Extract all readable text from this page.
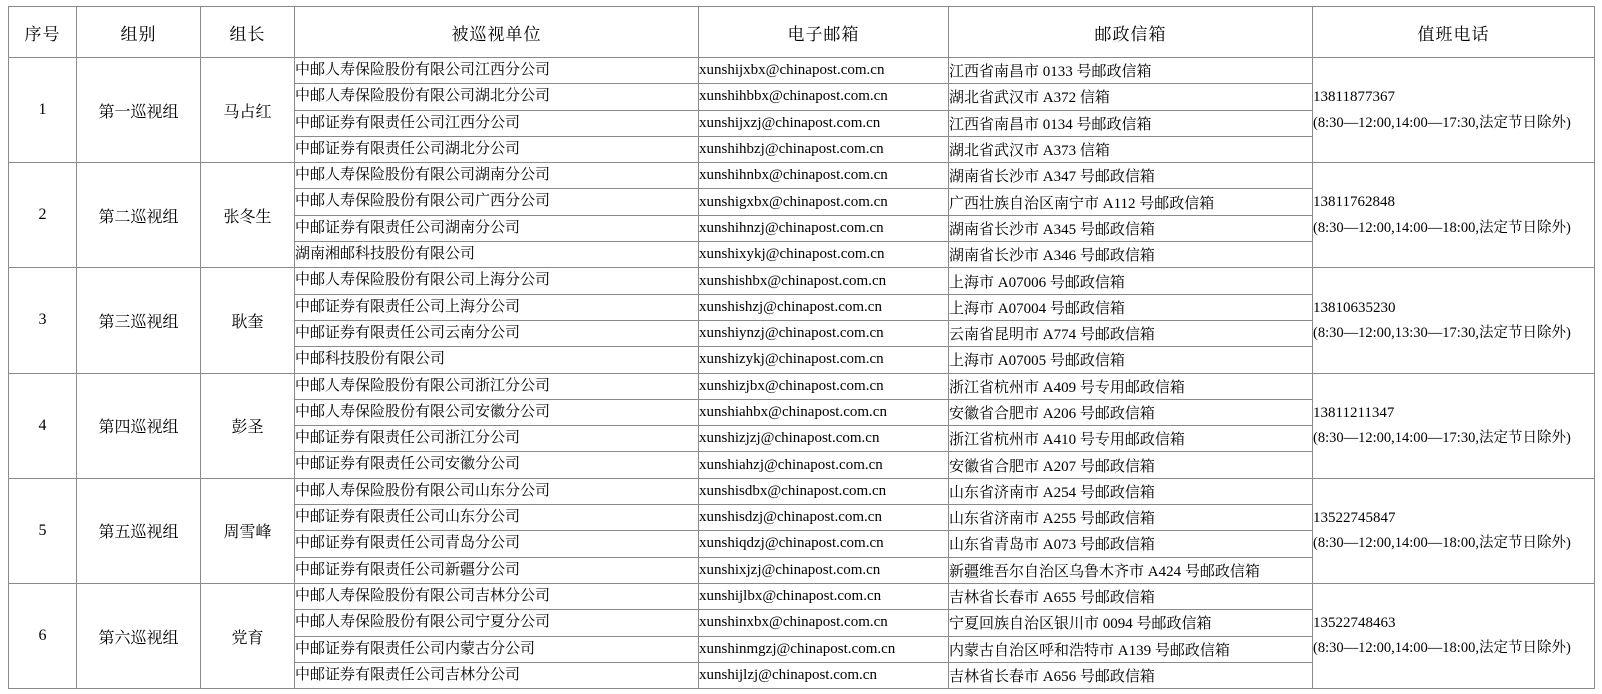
序号	组别	组长	被巡视单位	电子邮箱	邮政信箱	值班电话
1	第一巡视组	马占红	中邮人寿保险股份有限公司江西分公司	xunshijxbx@chinapost.com.cn	江西省南昌市 0133 号邮政信箱	13811877367
(8:30—12:00,14:00—17:30,法定节日除外)

			中邮人寿保险股份有限公司湖北分公司	xunshihbbx@chinapost.com.cn	湖北省武汉市 A372 信箱	
			中邮证券有限责任公司江西分公司	xunshijxzj@chinapost.com.cn	江西省南昌市 0134 号邮政信箱	
			中邮证券有限责任公司湖北分公司	xunshihbzj@chinapost.com.cn	湖北省武汉市 A373 信箱	
2	第二巡视组	张冬生	中邮人寿保险股份有限公司湖南分公司	xunshihnbx@chinapost.com.cn	湖南省长沙市 A347 号邮政信箱	13811762848
(8:30—12:00,14:00—18:00,法定节日除外)

			中邮人寿保险股份有限公司广西分公司	xunshigxbx@chinapost.com.cn	广西壮族自治区南宁市 A112 号邮政信箱	
			中邮证券有限责任公司湖南分公司	xunshihnzj@chinapost.com.cn	湖南省长沙市 A345 号邮政信箱	
			湖南湘邮科技股份有限公司	xunshixykj@chinapost.com.cn	湖南省长沙市 A346 号邮政信箱	
3	第三巡视组	耿奎	中邮人寿保险股份有限公司上海分公司	xunshishbx@chinapost.com.cn	上海市 A07006 号邮政信箱	13810635230
(8:30—12:00,13:30—17:30,法定节日除外)

			中邮证券有限责任公司上海分公司	xunshishzj@chinapost.com.cn	上海市 A07004 号邮政信箱	
			中邮证券有限责任公司云南分公司	xunshiynzj@chinapost.com.cn	云南省昆明市 A774 号邮政信箱	
			中邮科技股份有限公司	xunshizykj@chinapost.com.cn	上海市 A07005 号邮政信箱	
4	第四巡视组	彭圣	中邮人寿保险股份有限公司浙江分公司	xunshizjbx@chinapost.com.cn	浙江省杭州市 A409 号专用邮政信箱	13811211347
(8:30—12:00,14:00—17:30,法定节日除外)

			中邮人寿保险股份有限公司安徽分公司	xunshiahbx@chinapost.com.cn	安徽省合肥市 A206 号邮政信箱	
			中邮证券有限责任公司浙江分公司	xunshizjzj@chinapost.com.cn	浙江省杭州市 A410 号专用邮政信箱	
			中邮证券有限责任公司安徽分公司	xunshiahzj@chinapost.com.cn	安徽省合肥市 A207 号邮政信箱	
5	第五巡视组	周雪峰	中邮人寿保险股份有限公司山东分公司	xunshisdbx@chinapost.com.cn	山东省济南市 A254 号邮政信箱	13522745847
(8:30—12:00,14:00—18:00,法定节日除外)

			中邮证券有限责任公司山东分公司	xunshisdzj@chinapost.com.cn	山东省济南市 A255 号邮政信箱	
			中邮证券有限责任公司青岛分公司	xunshiqdzj@chinapost.com.cn	山东省青岛市 A073 号邮政信箱	
			中邮证券有限责任公司新疆分公司	xunshixjzj@chinapost.com.cn	新疆维吾尔自治区乌鲁木齐市 A424 号邮政信箱	
6	第六巡视组	党育	中邮人寿保险股份有限公司吉林分公司	xunshijlbx@chinapost.com.cn	吉林省长春市 A655 号邮政信箱	13522748463
(8:30—12:00,14:00—18:00,法定节日除外)

			中邮人寿保险股份有限公司宁夏分公司	xunshinxbx@chinapost.com.cn	宁夏回族自治区银川市 0094 号邮政信箱	
			中邮证券有限责任公司内蒙古分公司	xunshinmgzj@chinapost.com.cn	内蒙古自治区呼和浩特市 A139 号邮政信箱	
			中邮证券有限责任公司吉林分公司	xunshijlzj@chinapost.com.cn	吉林省长春市 A656 号邮政信箱	
